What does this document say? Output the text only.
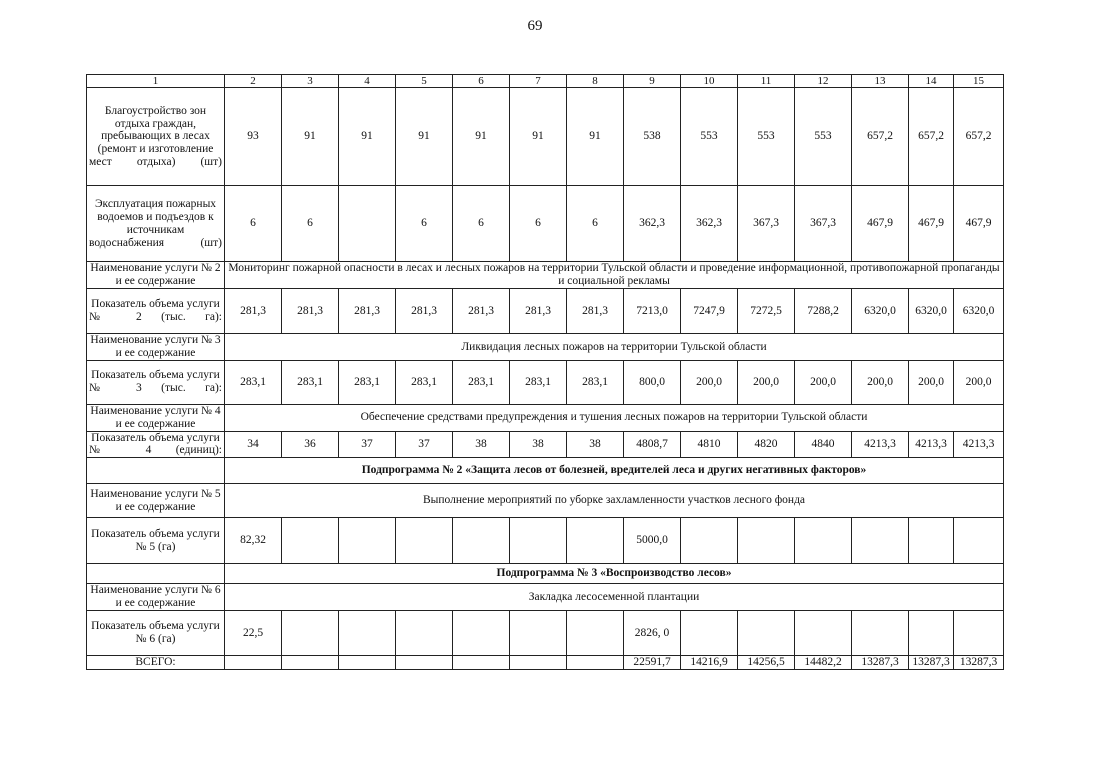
69
1	2	3	4	5	6	7	8	9	10	11	12	13	14	15
Благоустройство зон отдыха граждан, пребывающих в лесах (ремонт и изготовление мест отдыха) (шт)	93	91	91	91	91	91	91	538	553	553	553	657,2	657,2	657,2
Эксплуатация пожарных водоемов и подъездов к источникам водоснабжения (шт)	6	6		6	6	6	6	362,3	362,3	367,3	367,3	467,9	467,9	467,9
Наименование услуги № 2 и ее содержание	Мониторинг пожарной опасности в лесах и лесных пожаров на территории Тульской области и проведение информационной, противопожарной пропаганды и социальной рекламы													
Показатель объема услуги № 2 (тыс. га):	281,3	281,3	281,3	281,3	281,3	281,3	281,3	7213,0	7247,9	7272,5	7288,2	6320,0	6320,0	6320,0
Наименование услуги № 3 и ее содержание	Ликвидация лесных пожаров на территории Тульской области													
Показатель объема услуги № 3 (тыс. га):	283,1	283,1	283,1	283,1	283,1	283,1	283,1	800,0	200,0	200,0	200,0	200,0	200,0	200,0
Наименование услуги № 4 и ее содержание	Обеспечение средствами предупреждения и тушения лесных пожаров на территории Тульской области													
Показатель объема услуги № 4 (единиц):	34	36	37	37	38	38	38	4808,7	4810	4820	4840	4213,3	4213,3	4213,3
	Подпрограмма № 2 «Защита лесов от болезней, вредителей леса и других негативных факторов»													
Наименование услуги № 5 и ее содержание	Выполнение мероприятий по уборке захламленности участков лесного фонда													
Показатель объема услуги № 5 (га)	82,32							5000,0						
	Подпрограмма № 3 «Воспроизводство лесов»													
Наименование услуги № 6 и ее содержание	Закладка лесосеменной плантации													
Показатель объема услуги № 6 (га)	22,5							2826, 0						
ВСЕГО:								22591,7	14216,9	14256,5	14482,2	13287,3	13287,3	13287,3
